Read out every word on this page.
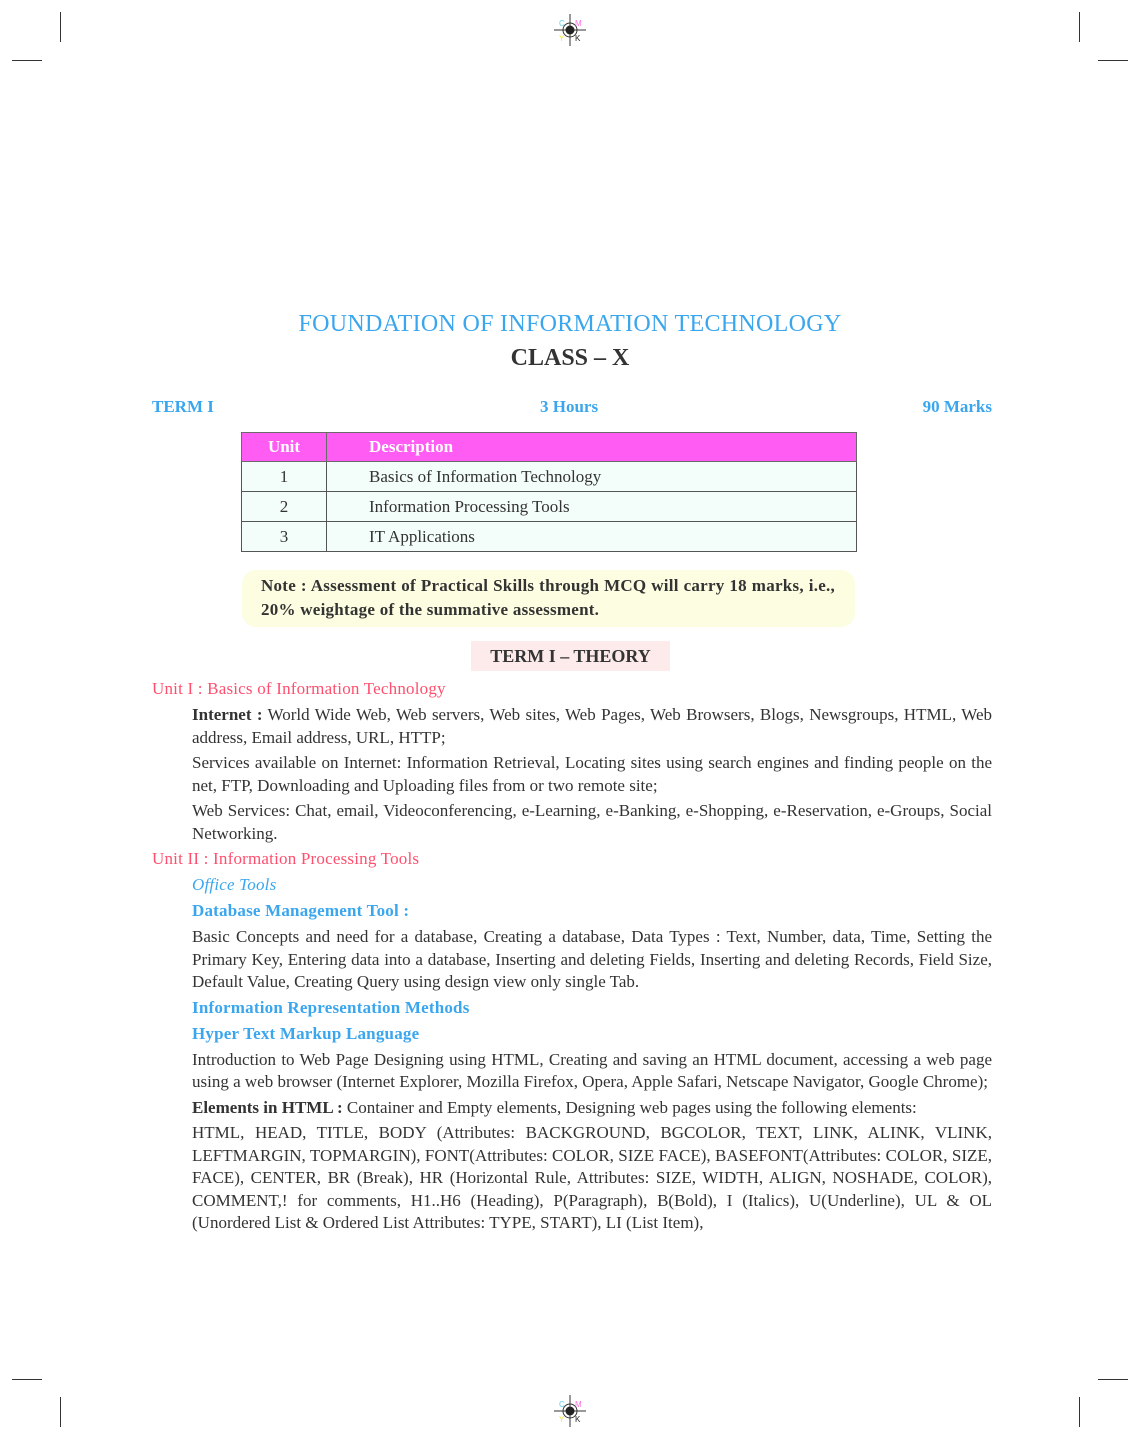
C M
Y K
C M
Y K
FOUNDATION OF INFORMATION TECHNOLOGY
CLASS – X
TERM I	3 Hours	90 Marks
Unit	Description
1	Basics of Information Technology
2	Information Processing Tools
3	IT Applications
Note : Assessment of Practical Skills through MCQ will carry 18 marks, i.e., 20% weightage of the summative assessment.
TERM I – THEORY
Unit I : Basics of Information Technology

Internet : World Wide Web, Web servers, Web sites, Web Pages, Web Browsers, Blogs, Newsgroups, HTML, Web address, Email address, URL, HTTP;

Services available on Internet: Information Retrieval, Locating sites using search engines and finding people on the net, FTP, Downloading and Uploading files from or two remote site;

Web Services: Chat, email, Videoconferencing, e-Learning, e-Banking, e-Shopping, e-Reservation, e-Groups, Social Networking.

Unit II : Information Processing Tools
Office Tools
Database Management Tool :

Basic Concepts and need for a database, Creating a database, Data Types : Text, Number, data, Time, Setting the Primary Key, Entering data into a database, Inserting and deleting Fields, Inserting and deleting Records, Field Size, Default Value, Creating Query using design view only single Tab.

Information Representation Methods
Hyper Text Markup Language

Introduction to Web Page Designing using HTML, Creating and saving an HTML document, accessing a web page using a web browser (Internet Explorer, Mozilla Firefox, Opera, Apple Safari, Netscape Navigator, Google Chrome);

Elements in HTML : Container and Empty elements, Designing web pages using the following elements:

HTML, HEAD, TITLE, BODY (Attributes: BACKGROUND, BGCOLOR, TEXT, LINK, ALINK, VLINK, LEFTMARGIN, TOPMARGIN), FONT(Attributes: COLOR, SIZE FACE), BASEFONT(Attributes: COLOR, SIZE, FACE), CENTER, BR (Break), HR (Horizontal Rule, Attributes: SIZE, WIDTH, ALIGN, NOSHADE, COLOR), COMMENT,! for comments, H1..H6 (Heading), P(Paragraph), B(Bold), I (Italics), U(Underline), UL & OL (Unordered List & Ordered List Attributes: TYPE, START), LI (List Item),
